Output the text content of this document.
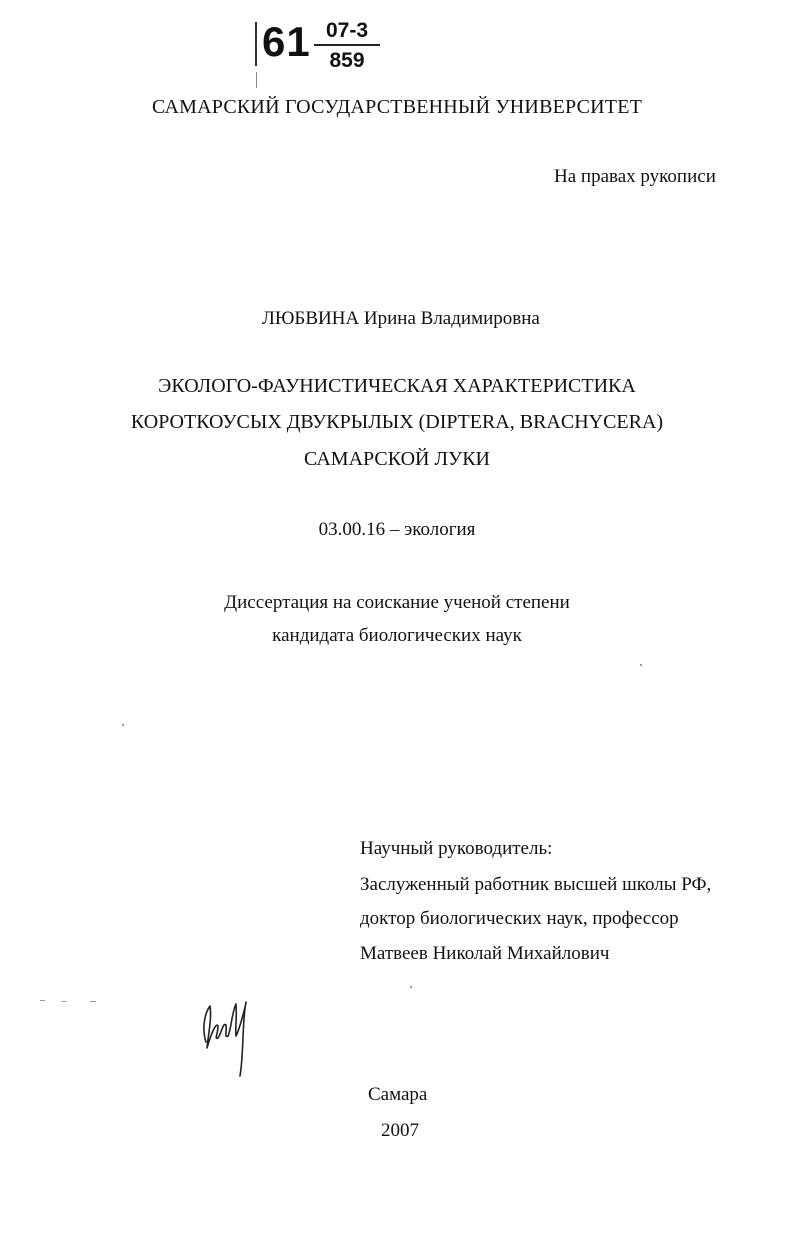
61 07-3
859
САМАРСКИЙ ГОСУДАРСТВЕННЫЙ УНИВЕРСИТЕТ
На правах рукописи
ЛЮБВИНА Ирина Владимировна
ЭКОЛОГО-ФАУНИСТИЧЕСКАЯ ХАРАКТЕРИСТИКА
КОРОТКОУСЫХ ДВУКРЫЛЫХ (DIPTERA, BRACHYCERA)
САМАРСКОЙ ЛУКИ
03.00.16 – экология
Диссертация на соискание ученой степени
кандидата биологических наук
Научный руководитель:
Заслуженный работник высшей школы РФ,
доктор биологических наук, профессор
Матвеев Николай Михайлович
Самара
2007
